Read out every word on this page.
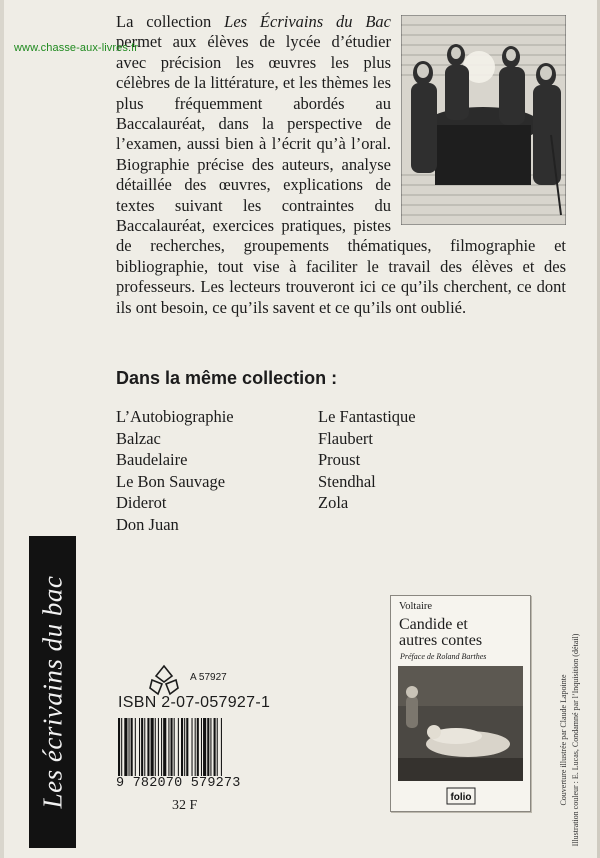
www.chasse-aux-livres.fr

La collection Les Écrivains du Bac permet aux élèves de lycée d’étudier avec précision les œuvres les plus célèbres de la littérature, et les thèmes les plus fréquemment abordés au Baccalauréat, dans la perspective de l’examen, aussi bien à l’écrit qu’à l’oral. Biographie précise des auteurs, analyse détaillée des œuvres, explications de textes suivant les contraintes du Baccalauréat, exercices pratiques, pistes de recherches, groupements thématiques, filmographie et bibliographie, tout vise à faciliter le travail des élèves et des professeurs. Les lecteurs trouveront ici ce qu’ils cherchent, ce dont ils ont besoin, ce qu’ils savent et ce qu’ils ont oublié.

Dans la même collection :
L’Autobiographie
Balzac
Baudelaire
Le Bon Sauvage
Diderot
Don Juan
Le Fantastique
Flaubert
Proust
Stendhal
Zola
Les écrivains du bac	A 57927
ISBN 2-07-057927-1
9 782070 579273
32 F
Voltaire
Candide et
autres contes
Préface de Roland Barthes
folio	Couverture illustrée par Claude Lapointe Illustration couleur : E. Lucas, Condamné par l’Inquisition (détail)
